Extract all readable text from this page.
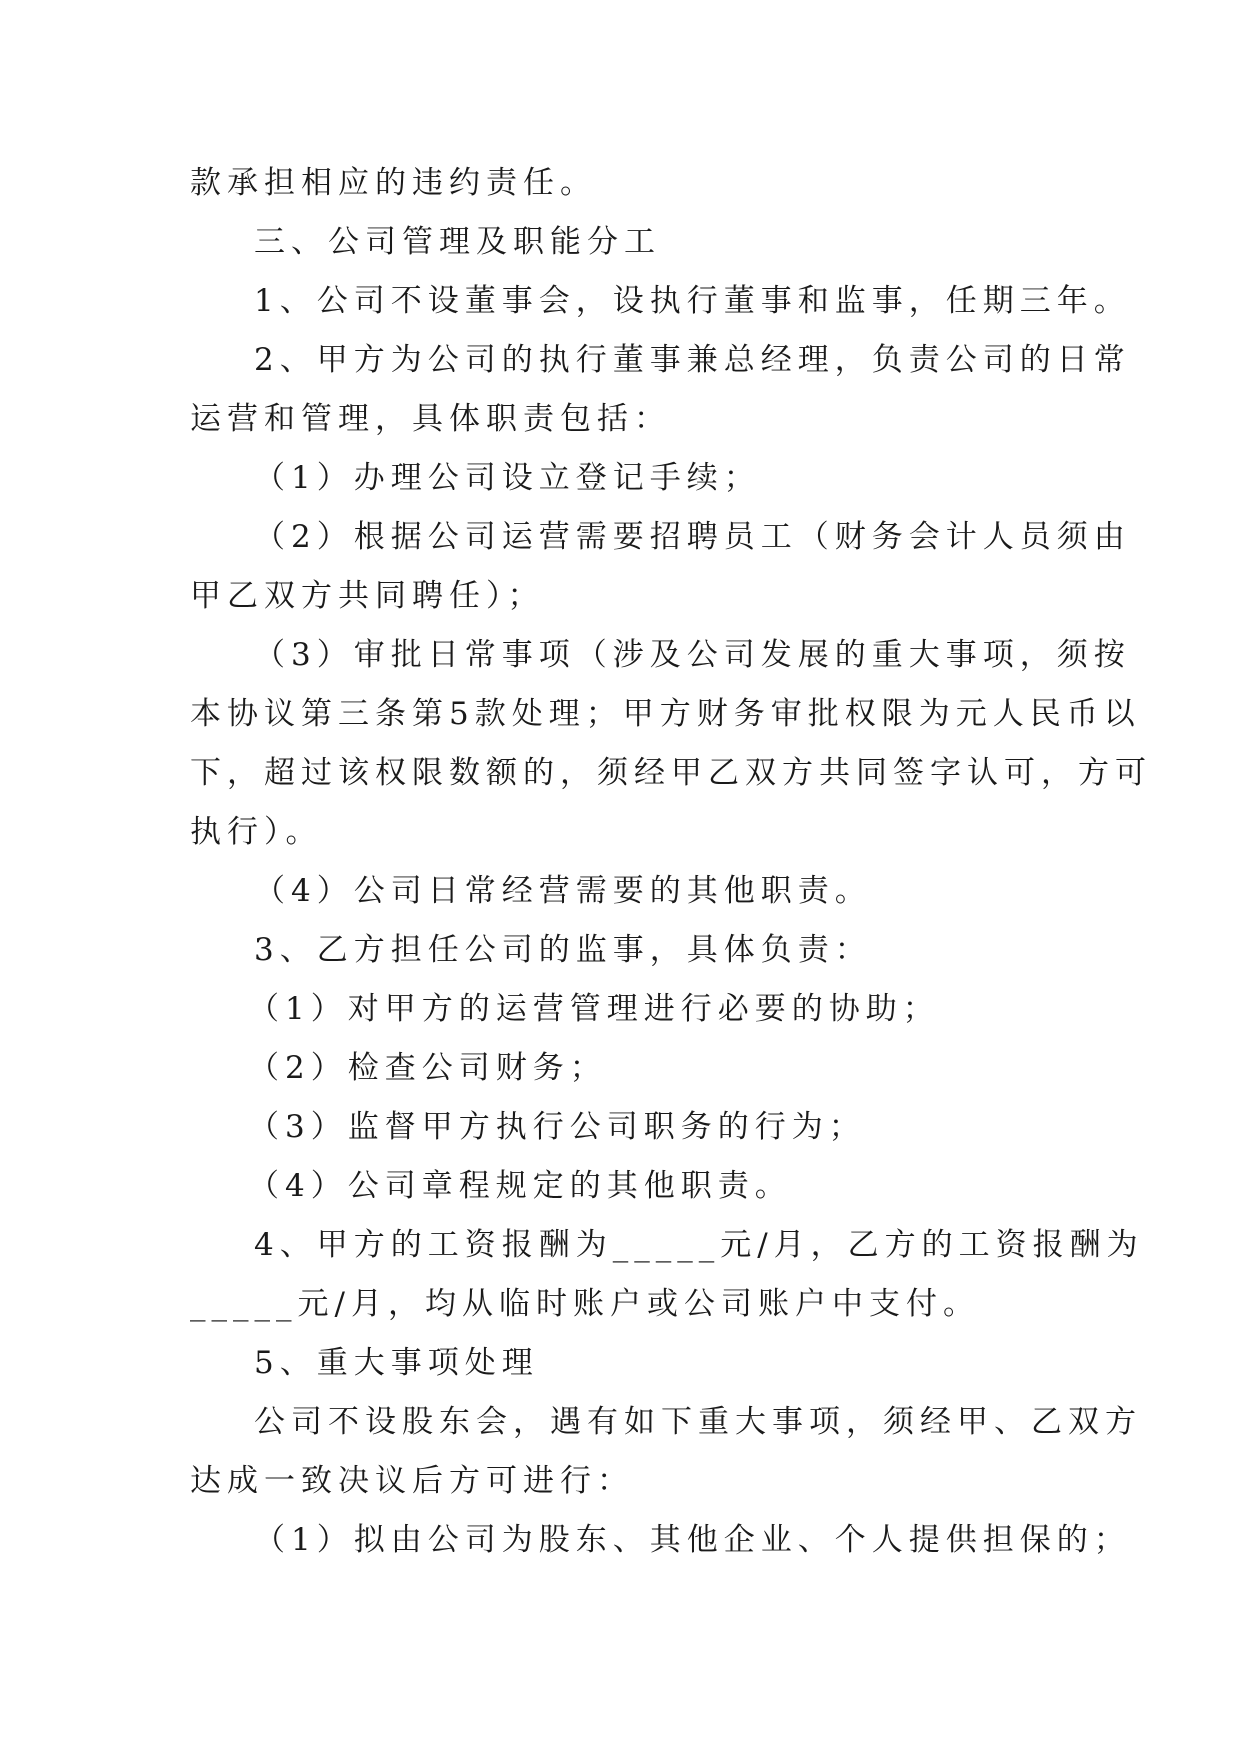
款承担相应的违约责任。
三、公司管理及职能分工
1、公司不设董事会，设执行董事和监事，任期三年。
2、甲方为公司的执行董事兼总经理，负责公司的日常
运营和管理，具体职责包括：
（1）办理公司设立登记手续；
（2）根据公司运营需要招聘员工（财务会计人员须由
甲乙双方共同聘任）；
（3）审批日常事项（涉及公司发展的重大事项，须按
本协议第三条第5款处理；甲方财务审批权限为元人民币以
下，超过该权限数额的，须经甲乙双方共同签字认可，方可
执行）。
（4）公司日常经营需要的其他职责。
3、乙方担任公司的监事，具体负责：
（1）对甲方的运营管理进行必要的协助；
（2）检查公司财务；
（3）监督甲方执行公司职务的行为；
（4）公司章程规定的其他职责。
4、甲方的工资报酬为_____元/月，乙方的工资报酬为
_____元/月，均从临时账户或公司账户中支付。
5、重大事项处理
公司不设股东会，遇有如下重大事项，须经甲、乙双方
达成一致决议后方可进行：
（1）拟由公司为股东、其他企业、个人提供担保的；
